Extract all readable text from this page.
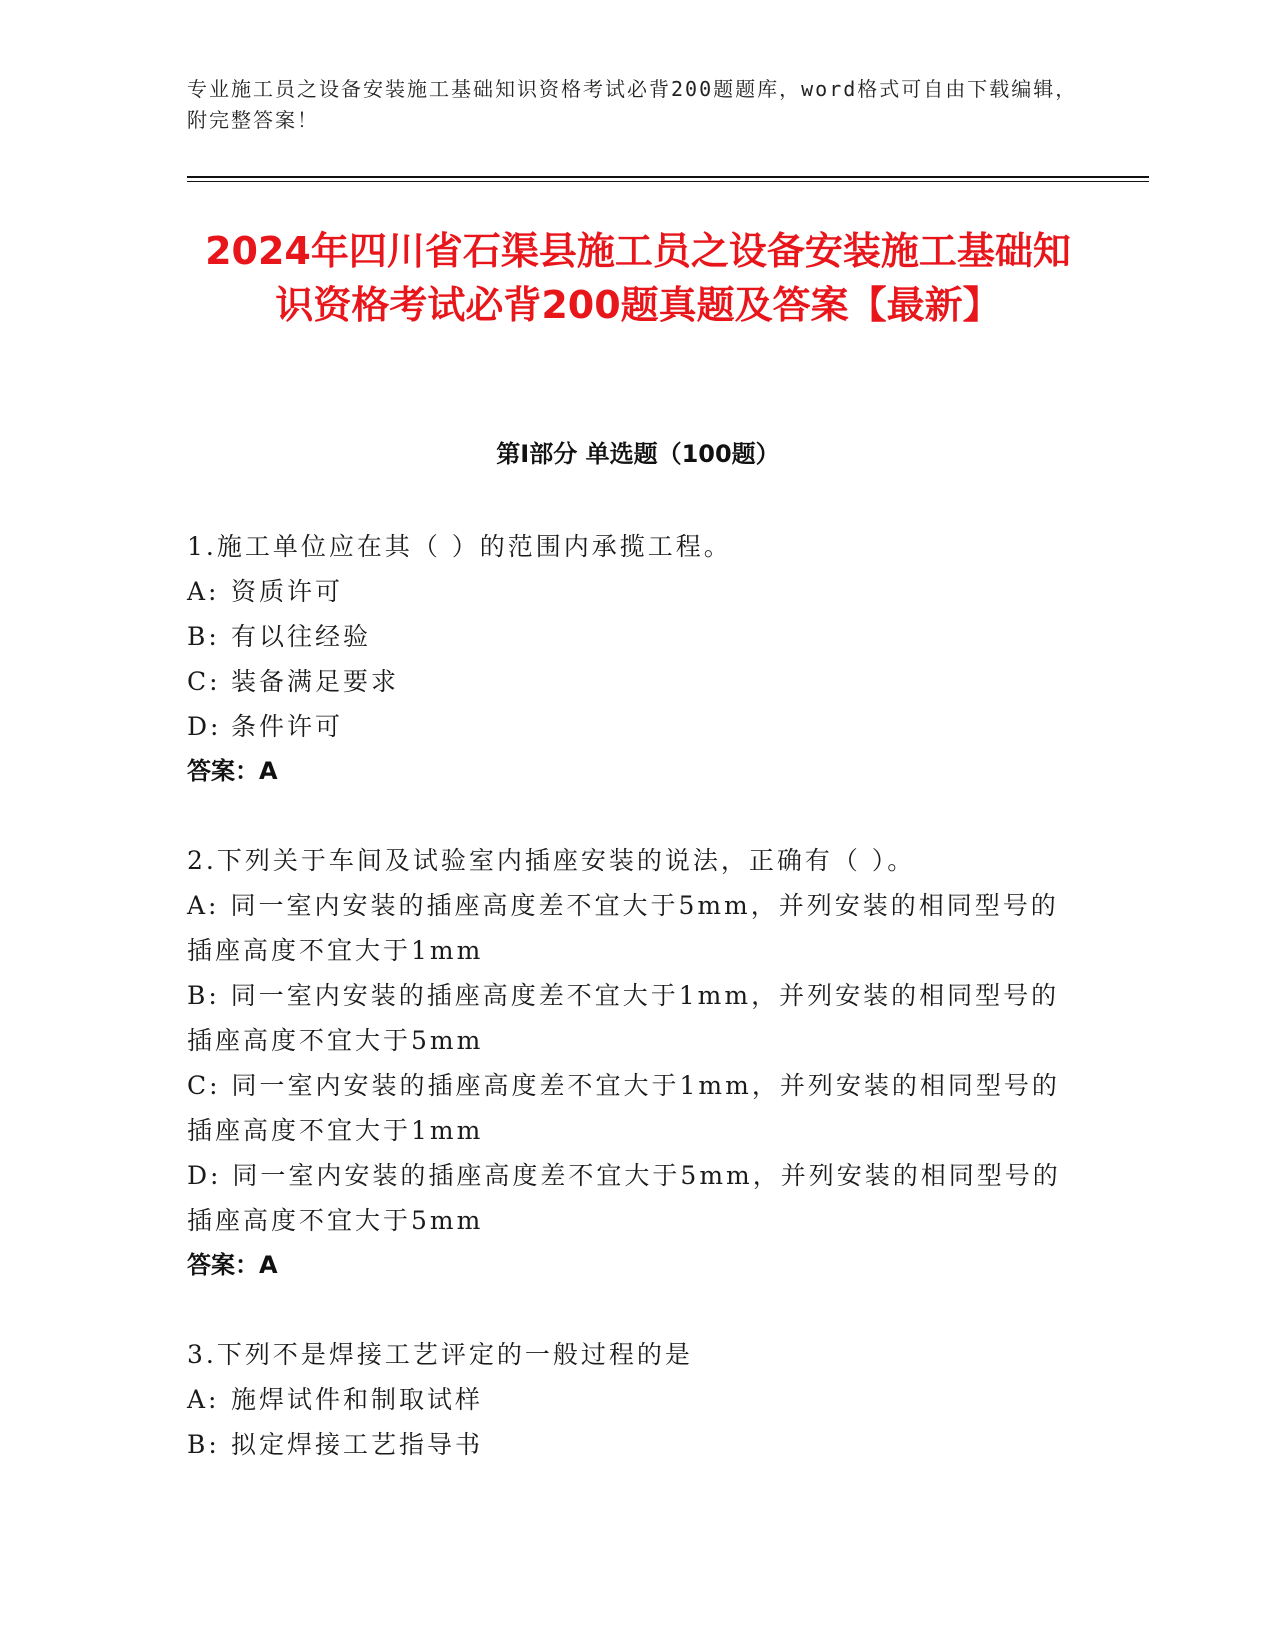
专业施工员之设备安装施工基础知识资格考试必背200题题库，word格式可自由下载编辑，附完整答案！
2024年四川省石渠县施工员之设备安装施工基础知识资格考试必背200题真题及答案【最新】
第Ⅰ部分 单选题（100题）
1.施工单位应在其（ ）的范围内承揽工程。
A: 资质许可
B: 有以往经验
C: 装备满足要求
D: 条件许可
答案：A
2.下列关于车间及试验室内插座安装的说法，正确有（ ）。
A: 同一室内安装的插座高度差不宜大于5mm，并列安装的相同型号的插座高度不宜大于1mm
B: 同一室内安装的插座高度差不宜大于1mm，并列安装的相同型号的插座高度不宜大于5mm
C: 同一室内安装的插座高度差不宜大于1mm，并列安装的相同型号的插座高度不宜大于1mm
D: 同一室内安装的插座高度差不宜大于5mm，并列安装的相同型号的插座高度不宜大于5mm
答案：A
3.下列不是焊接工艺评定的一般过程的是
A: 施焊试件和制取试样
B: 拟定焊接工艺指导书
